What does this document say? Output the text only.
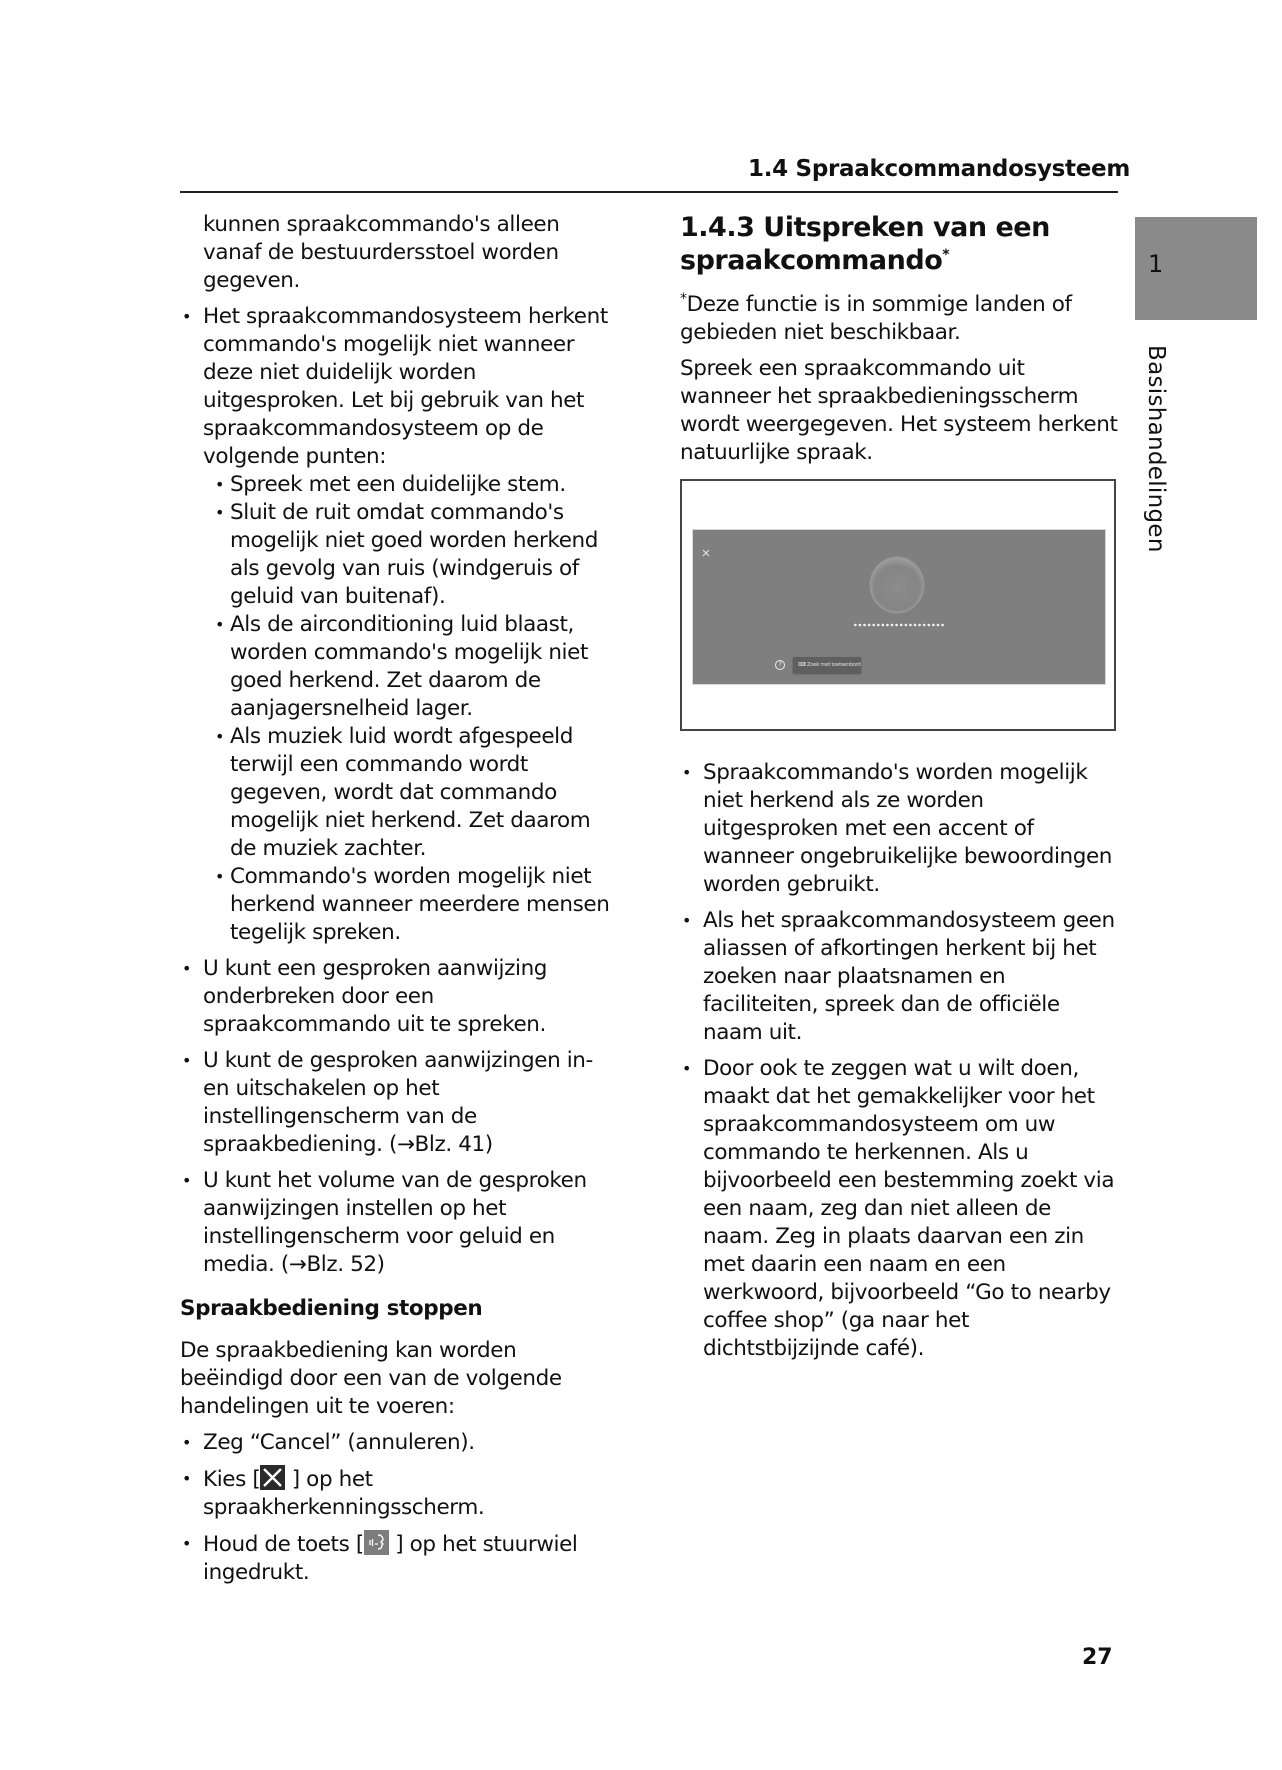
1.4 Spraakcommandosysteem
1
Basishandelingen

kunnen spraakcommando's alleen vanaf de bestuurdersstoel worden gegeven.

• Het spraakcommandosysteem herkent commando's mogelijk niet wanneer deze niet duidelijk worden uitgesproken. Let bij gebruik van het spraakcommandosysteem op de volgende punten:
• Spreek met een duidelijke stem.
• Sluit de ruit omdat commando's mogelijk niet goed worden herkend als gevolg van ruis (windgeruis of geluid van buitenaf).
• Als de airconditioning luid blaast, worden commando's mogelijk niet goed herkend. Zet daarom de aanjagersnelheid lager.
• Als muziek luid wordt afgespeeld terwijl een commando wordt gegeven, wordt dat commando mogelijk niet herkend. Zet daarom de muziek zachter.
• Commando's worden mogelijk niet herkend wanneer meerdere mensen tegelijk spreken.
• U kunt een gesproken aanwijzing onderbreken door een spraakcommando uit te spreken.
• U kunt de gesproken aanwijzingen in- en uitschakelen op het instellingenscherm van de spraakbediening. (→Blz. 41)
• U kunt het volume van de gesproken aanwijzingen instellen op het instellingenscherm voor geluid en media. (→Blz. 52)
Spraakbediening stoppen

De spraakbediening kan worden beëindigd door een van de volgende handelingen uit te voeren:

• Zeg “Cancel” (annuleren).
• Kies [
] op het spraakherkenningsscherm.
• Houd de toets [
] op het stuurwiel ingedrukt.
1.4.3 Uitspreken van een
spraakcommando*

*Deze functie is in sommige landen of gebieden niet beschikbaar.

Spreek een spraakcommando uit wanneer het spraakbedieningsscherm wordt weergegeven. Het systeem herkent natuurlijke spraak.

?	⌨ Zoek met toetsenbord
• Spraakcommando's worden mogelijk niet herkend als ze worden uitgesproken met een accent of wanneer ongebruikelijke bewoordingen worden gebruikt.
• Als het spraakcommandosysteem geen aliassen of afkortingen herkent bij het zoeken naar plaatsnamen en faciliteiten, spreek dan de officiële naam uit.
• Door ook te zeggen wat u wilt doen, maakt dat het gemakkelijker voor het spraakcommandosysteem om uw commando te herkennen. Als u bijvoorbeeld een bestemming zoekt via een naam, zeg dan niet alleen de naam. Zeg in plaats daarvan een zin met daarin een naam en een werkwoord, bijvoorbeeld “Go to nearby coffee shop” (ga naar het dichtstbijzijnde café).
27
